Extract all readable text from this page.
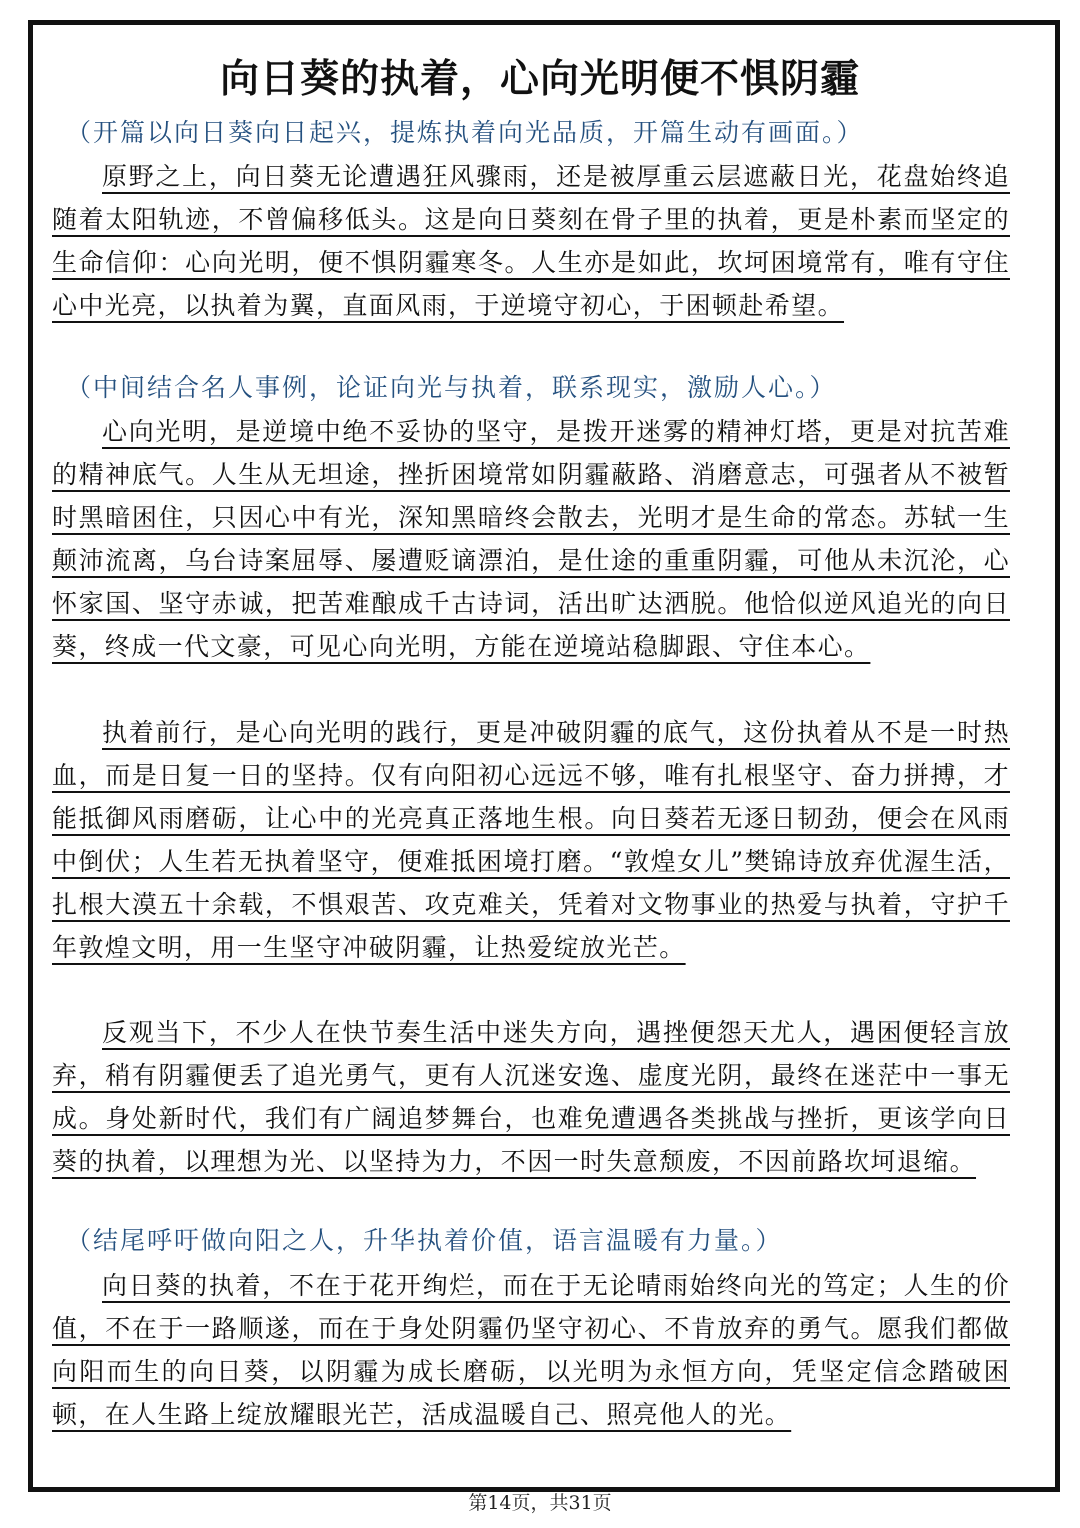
向日葵的执着，心向光明便不惧阴霾
（开篇以向日葵向日起兴，提炼执着向光品质，开篇生动有画面。）

原野之上，向日葵无论遭遇狂风骤雨，还是被厚重云层遮蔽日光，花盘始终追随着太阳轨迹，不曾偏移低头。这是向日葵刻在骨子里的执着，更是朴素而坚定的生命信仰：心向光明，便不惧阴霾寒冬。人生亦是如此，坎坷困境常有，唯有守住心中光亮，以执着为翼，直面风雨，于逆境守初心，于困顿赴希望。

（中间结合名人事例，论证向光与执着，联系现实，激励人心。）

心向光明，是逆境中绝不妥协的坚守，是拨开迷雾的精神灯塔，更是对抗苦难的精神底气。人生从无坦途，挫折困境常如阴霾蔽路、消磨意志，可强者从不被暂时黑暗困住，只因心中有光，深知黑暗终会散去，光明才是生命的常态。苏轼一生颠沛流离，乌台诗案屈辱、屡遭贬谪漂泊，是仕途的重重阴霾，可他从未沉沦，心怀家国、坚守赤诚，把苦难酿成千古诗词，活出旷达洒脱。他恰似逆风追光的向日葵，终成一代文豪，可见心向光明，方能在逆境站稳脚跟、守住本心。

执着前行，是心向光明的践行，更是冲破阴霾的底气，这份执着从不是一时热血，而是日复一日的坚持。仅有向阳初心远远不够，唯有扎根坚守、奋力拼搏，才能抵御风雨磨砺，让心中的光亮真正落地生根。向日葵若无逐日韧劲，便会在风雨中倒伏；人生若无执着坚守，便难抵困境打磨。“敦煌女儿”樊锦诗放弃优渥生活，扎根大漠五十余载，不惧艰苦、攻克难关，凭着对文物事业的热爱与执着，守护千年敦煌文明，用一生坚守冲破阴霾，让热爱绽放光芒。

反观当下，不少人在快节奏生活中迷失方向，遇挫便怨天尤人，遇困便轻言放弃，稍有阴霾便丢了追光勇气，更有人沉迷安逸、虚度光阴，最终在迷茫中一事无成。身处新时代，我们有广阔追梦舞台，也难免遭遇各类挑战与挫折，更该学向日葵的执着，以理想为光、以坚持为力，不因一时失意颓废，不因前路坎坷退缩。

（结尾呼吁做向阳之人，升华执着价值，语言温暖有力量。）

向日葵的执着，不在于花开绚烂，而在于无论晴雨始终向光的笃定；人生的价值，不在于一路顺遂，而在于身处阴霾仍坚守初心、不肯放弃的勇气。愿我们都做向阳而生的向日葵，以阴霾为成长磨砺，以光明为永恒方向，凭坚定信念踏破困顿，在人生路上绽放耀眼光芒，活成温暖自己、照亮他人的光。

第14页，共31页
